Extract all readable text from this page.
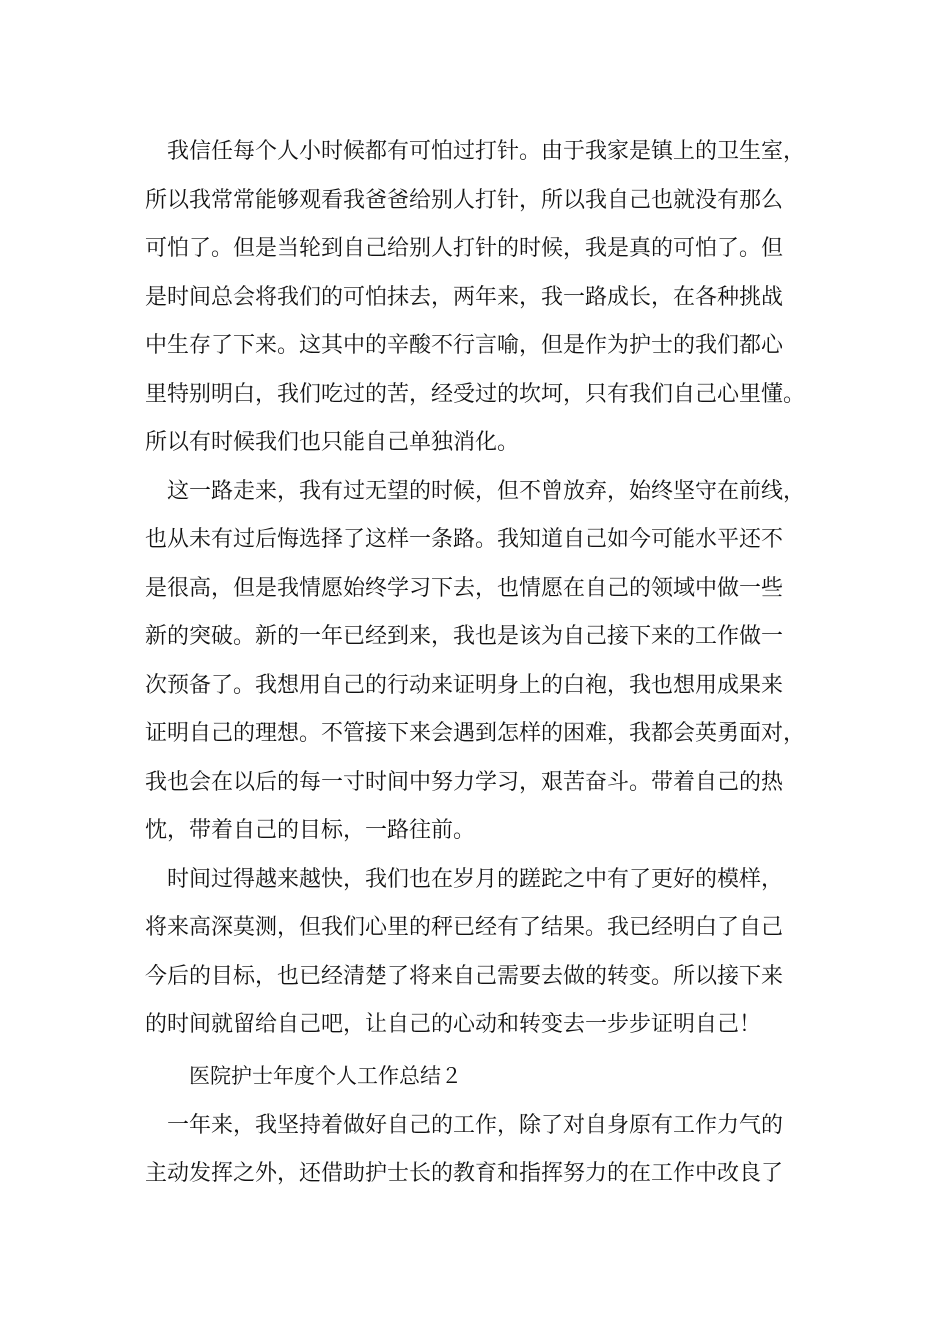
我信任每个人小时候都有可怕过打针。由于我家是镇上的卫生室，
所以我常常能够观看我爸爸给别人打针，所以我自己也就没有那么
可怕了。但是当轮到自己给别人打针的时候，我是真的可怕了。但
是时间总会将我们的可怕抹去，两年来，我一路成长，在各种挑战
中生存了下来。这其中的辛酸不行言喻，但是作为护士的我们都心
里特别明白，我们吃过的苦，经受过的坎坷，只有我们自己心里懂。
所以有时候我们也只能自己单独消化。
这一路走来，我有过无望的时候，但不曾放弃，始终坚守在前线，
也从未有过后悔选择了这样一条路。我知道自己如今可能水平还不
是很高，但是我情愿始终学习下去，也情愿在自己的领域中做一些
新的突破。新的一年已经到来，我也是该为自己接下来的工作做一
次预备了。我想用自己的行动来证明身上的白袍，我也想用成果来
证明自己的理想。不管接下来会遇到怎样的困难，我都会英勇面对，
我也会在以后的每一寸时间中努力学习，艰苦奋斗。带着自己的热
忱，带着自己的目标，一路往前。
时间过得越来越快，我们也在岁月的蹉跎之中有了更好的模样，
将来高深莫测，但我们心里的秤已经有了结果。我已经明白了自己
今后的目标，也已经清楚了将来自己需要去做的转变。所以接下来
的时间就留给自己吧，让自己的心动和转变去一步步证明自己！
医院护士年度个人工作总结２
一年来，我坚持着做好自己的工作，除了对自身原有工作力气的
主动发挥之外，还借助护士长的教育和指挥努力的在工作中改良了
